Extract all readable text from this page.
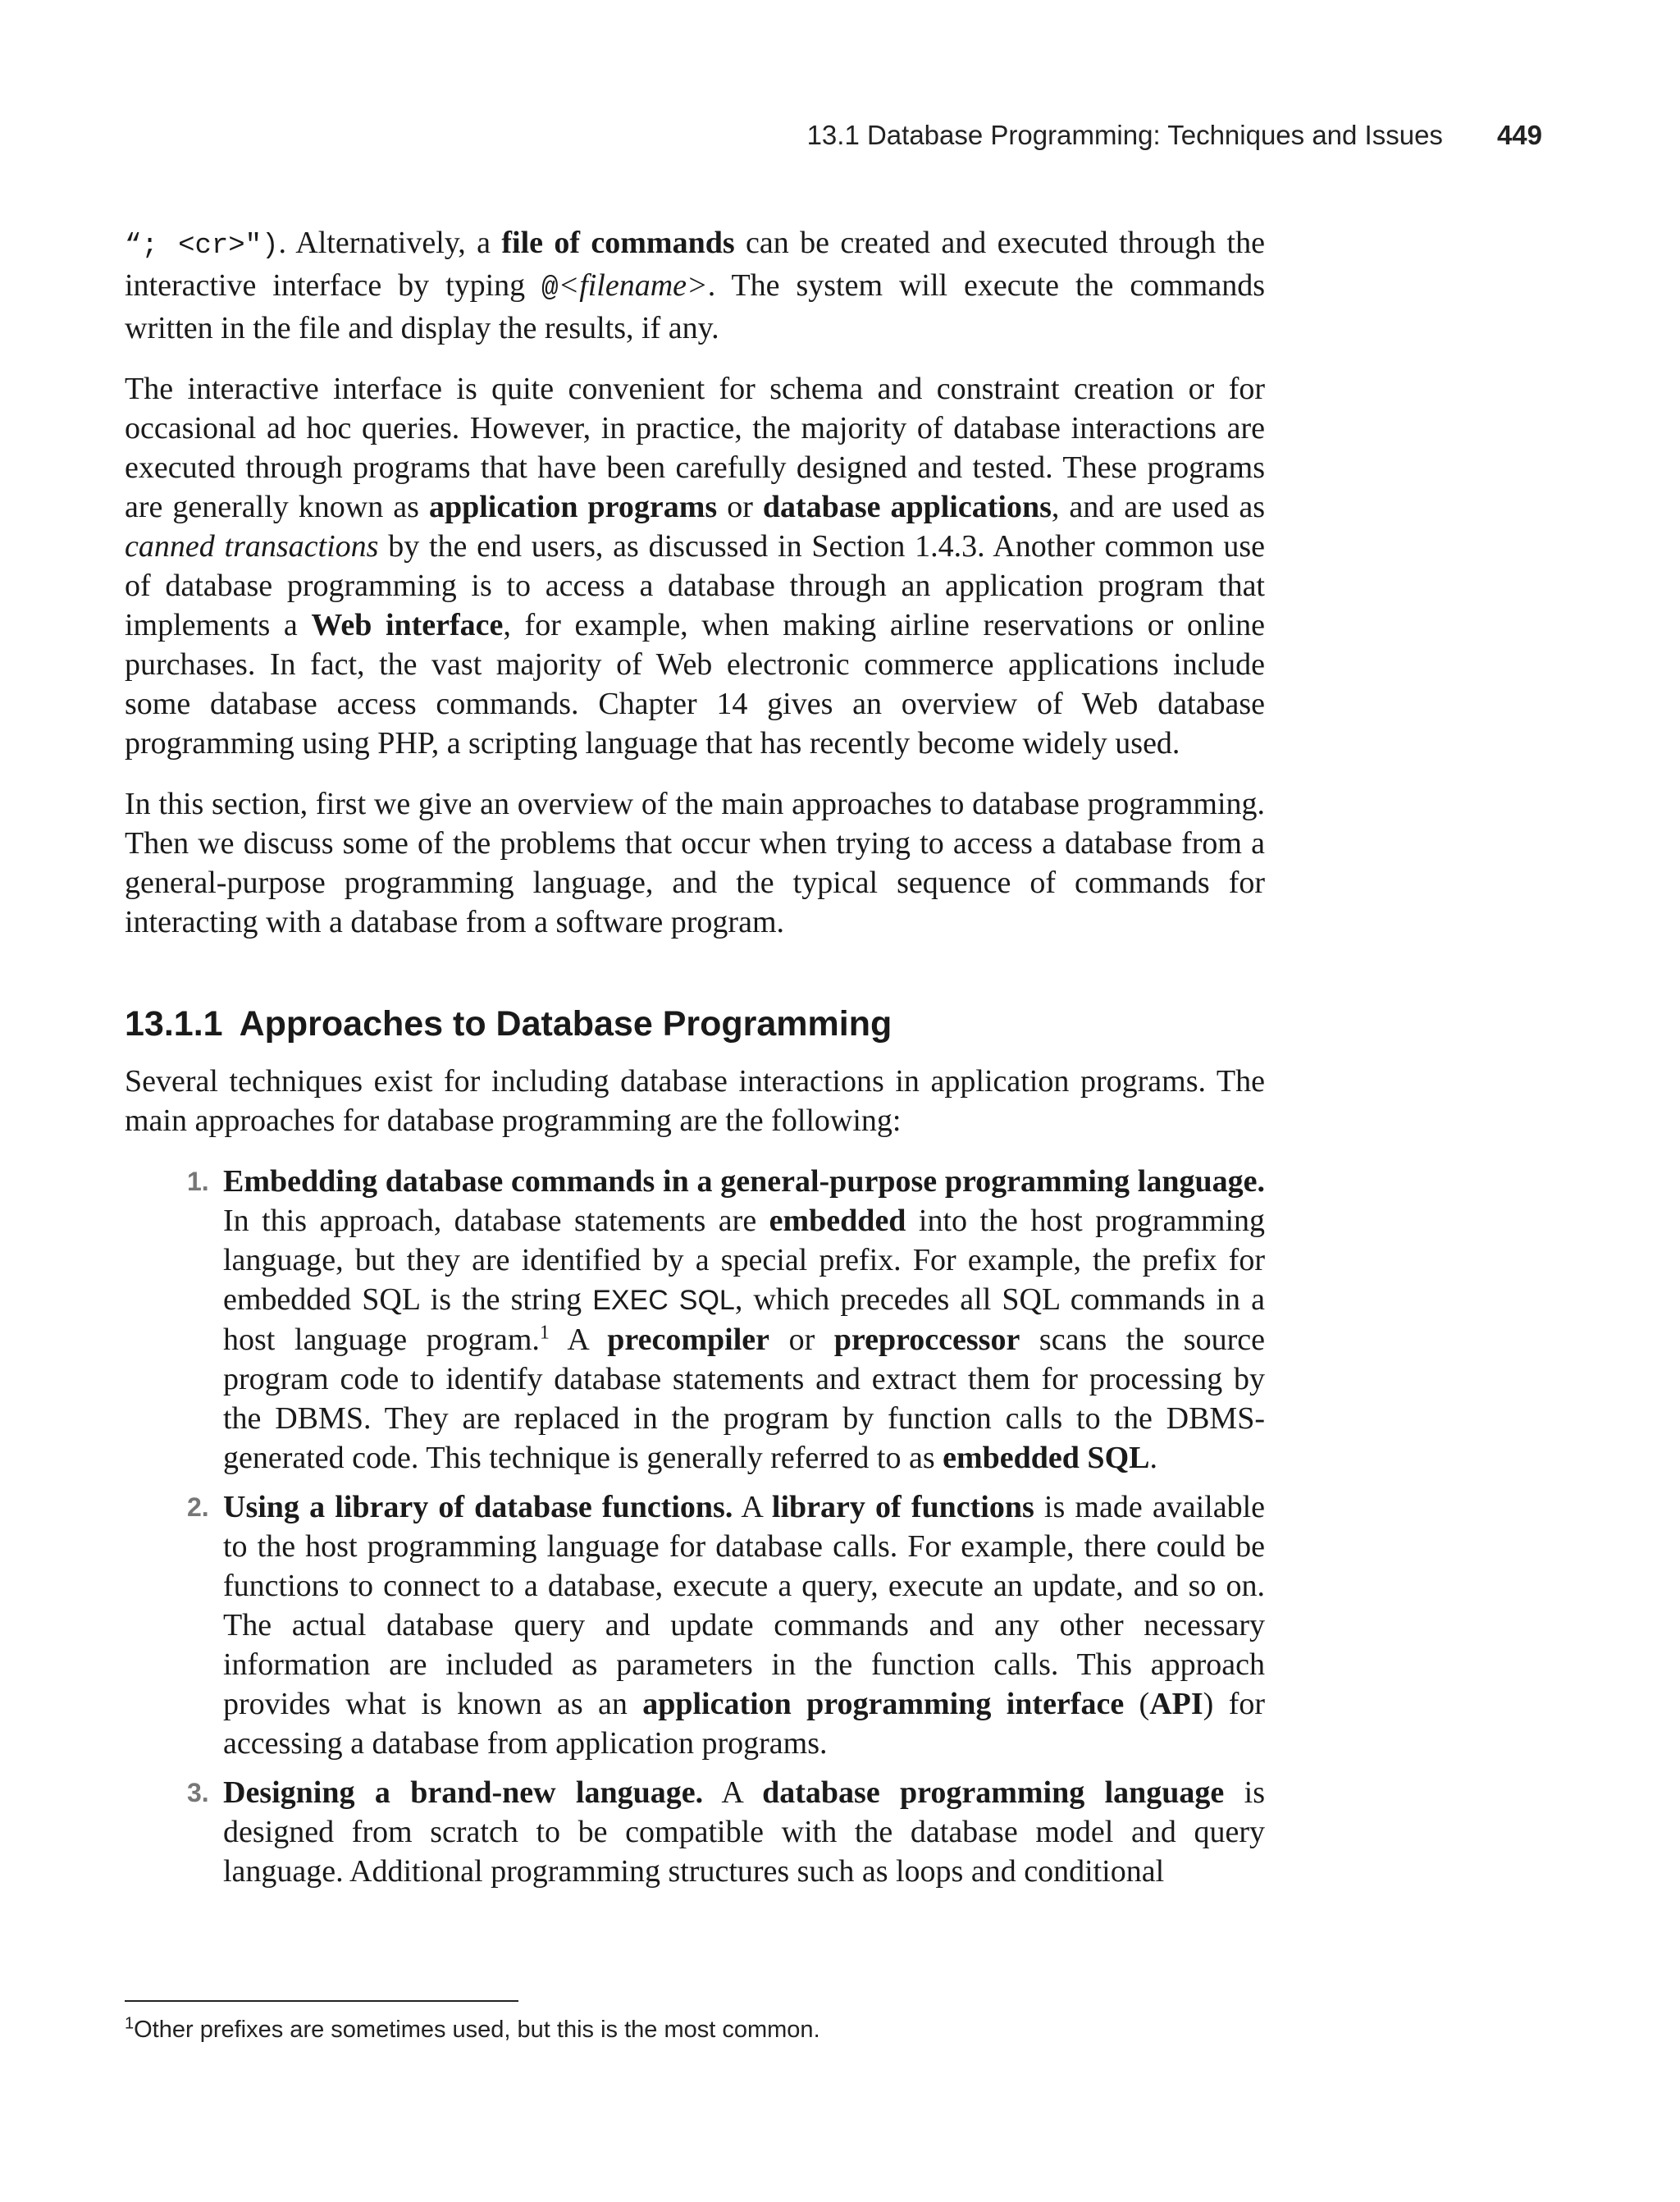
13.1 Database Programming: Techniques and Issues 449

“; <cr>"). Alternatively, a file of commands can be created and executed through the interactive interface by typing @<filename>. The system will execute the commands written in the file and display the results, if any.

The interactive interface is quite convenient for schema and constraint creation or for occasional ad hoc queries. However, in practice, the majority of database interactions are executed through programs that have been carefully designed and tested. These programs are generally known as application programs or database applications, and are used as canned transactions by the end users, as discussed in Section 1.4.3. Another common use of database programming is to access a database through an application program that implements a Web interface, for example, when making airline reservations or online purchases. In fact, the vast majority of Web electronic commerce applications include some database access commands. Chapter 14 gives an overview of Web database programming using PHP, a scripting language that has recently become widely used.

In this section, first we give an overview of the main approaches to database programming. Then we discuss some of the problems that occur when trying to access a database from a general-purpose programming language, and the typical sequence of commands for interacting with a database from a software program.

13.1.1 Approaches to Database Programming

Several techniques exist for including database interactions in application programs. The main approaches for database programming are the following:

1. Embedding database commands in a general-purpose programming language. In this approach, database statements are embedded into the host programming language, but they are identified by a special prefix. For example, the prefix for embedded SQL is the string EXEC SQL, which precedes all SQL commands in a host language program.$^1$ A precompiler or preproccessor scans the source program code to identify database statements and extract them for processing by the DBMS. They are replaced in the program by function calls to the DBMS-generated code. This technique is generally referred to as embedded SQL.
2. Using a library of database functions. A library of functions is made available to the host programming language for database calls. For example, there could be functions to connect to a database, execute a query, execute an update, and so on. The actual database query and update commands and any other necessary information are included as parameters in the function calls. This approach provides what is known as an application programming interface (API) for accessing a database from application programs.
3. Designing a brand-new language. A database programming language is designed from scratch to be compatible with the database model and query language. Additional programming structures such as loops and conditional
$^1$Other prefixes are sometimes used, but this is the most common.
